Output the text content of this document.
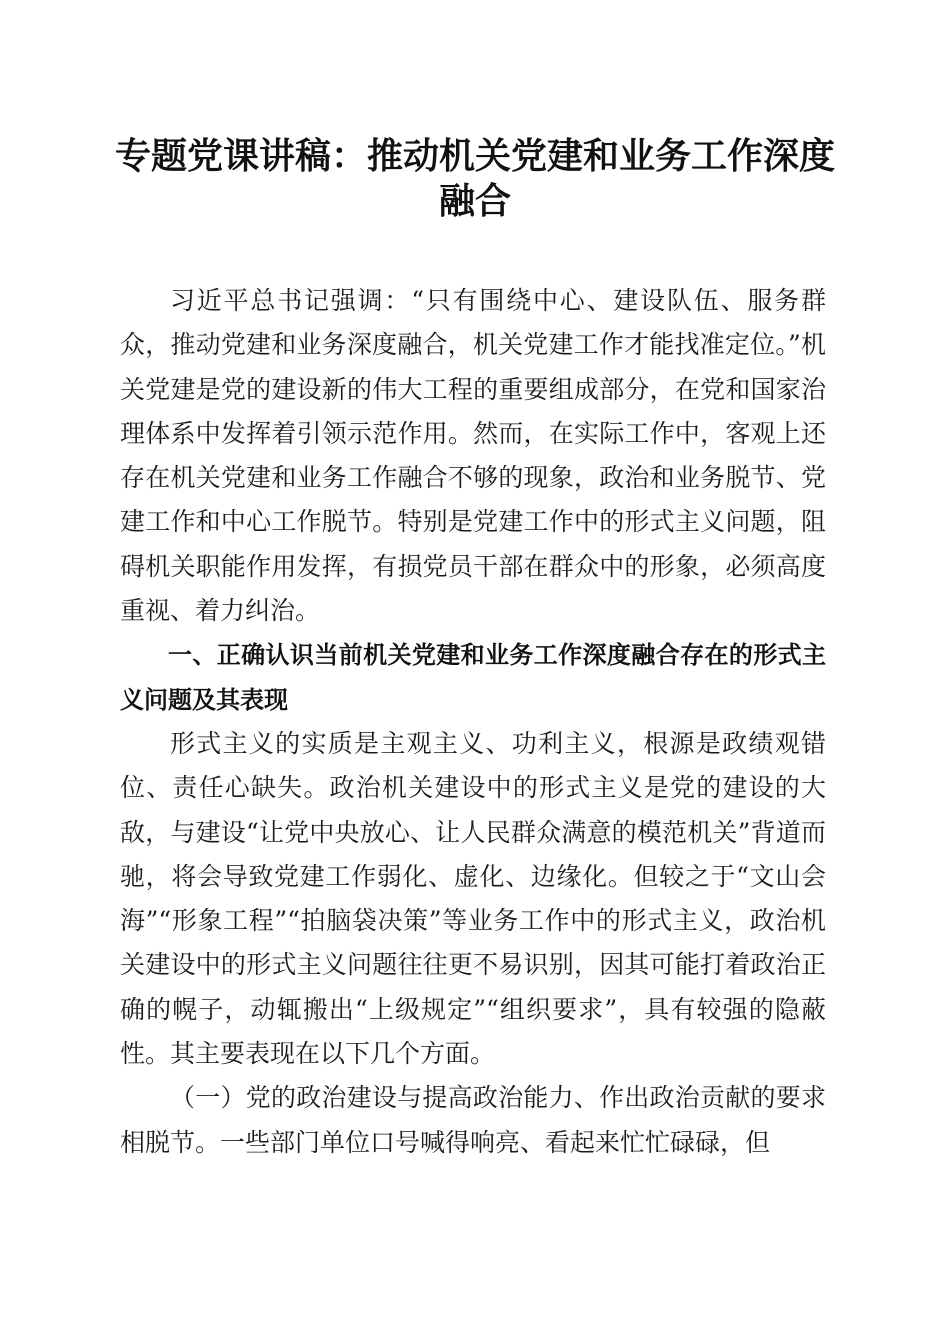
专题党课讲稿：推动机关党建和业务工作深度融合

习近平总书记强调：“只有围绕中心、建设队伍、服务群众，推动党建和业务深度融合，机关党建工作才能找准定位。”机关党建是党的建设新的伟大工程的重要组成部分，在党和国家治理体系中发挥着引领示范作用。然而，在实际工作中，客观上还存在机关党建和业务工作融合不够的现象，政治和业务脱节、党建工作和中心工作脱节。特别是党建工作中的形式主义问题，阻碍机关职能作用发挥，有损党员干部在群众中的形象，必须高度重视、着力纠治。

一、正确认识当前机关党建和业务工作深度融合存在的形式主义问题及其表现

形式主义的实质是主观主义、功利主义，根源是政绩观错位、责任心缺失。政治机关建设中的形式主义是党的建设的大敌，与建设“让党中央放心、让人民群众满意的模范机关”背道而驰，将会导致党建工作弱化、虚化、边缘化。但较之于“文山会海”“形象工程”“拍脑袋决策”等业务工作中的形式主义，政治机关建设中的形式主义问题往往更不易识别，因其可能打着政治正确的幌子，动辄搬出“上级规定”“组织要求”，具有较强的隐蔽性。其主要表现在以下几个方面。

（一）党的政治建设与提高政治能力、作出政治贡献的要求相脱节。一些部门单位口号喊得响亮、看起来忙忙碌碌，但
